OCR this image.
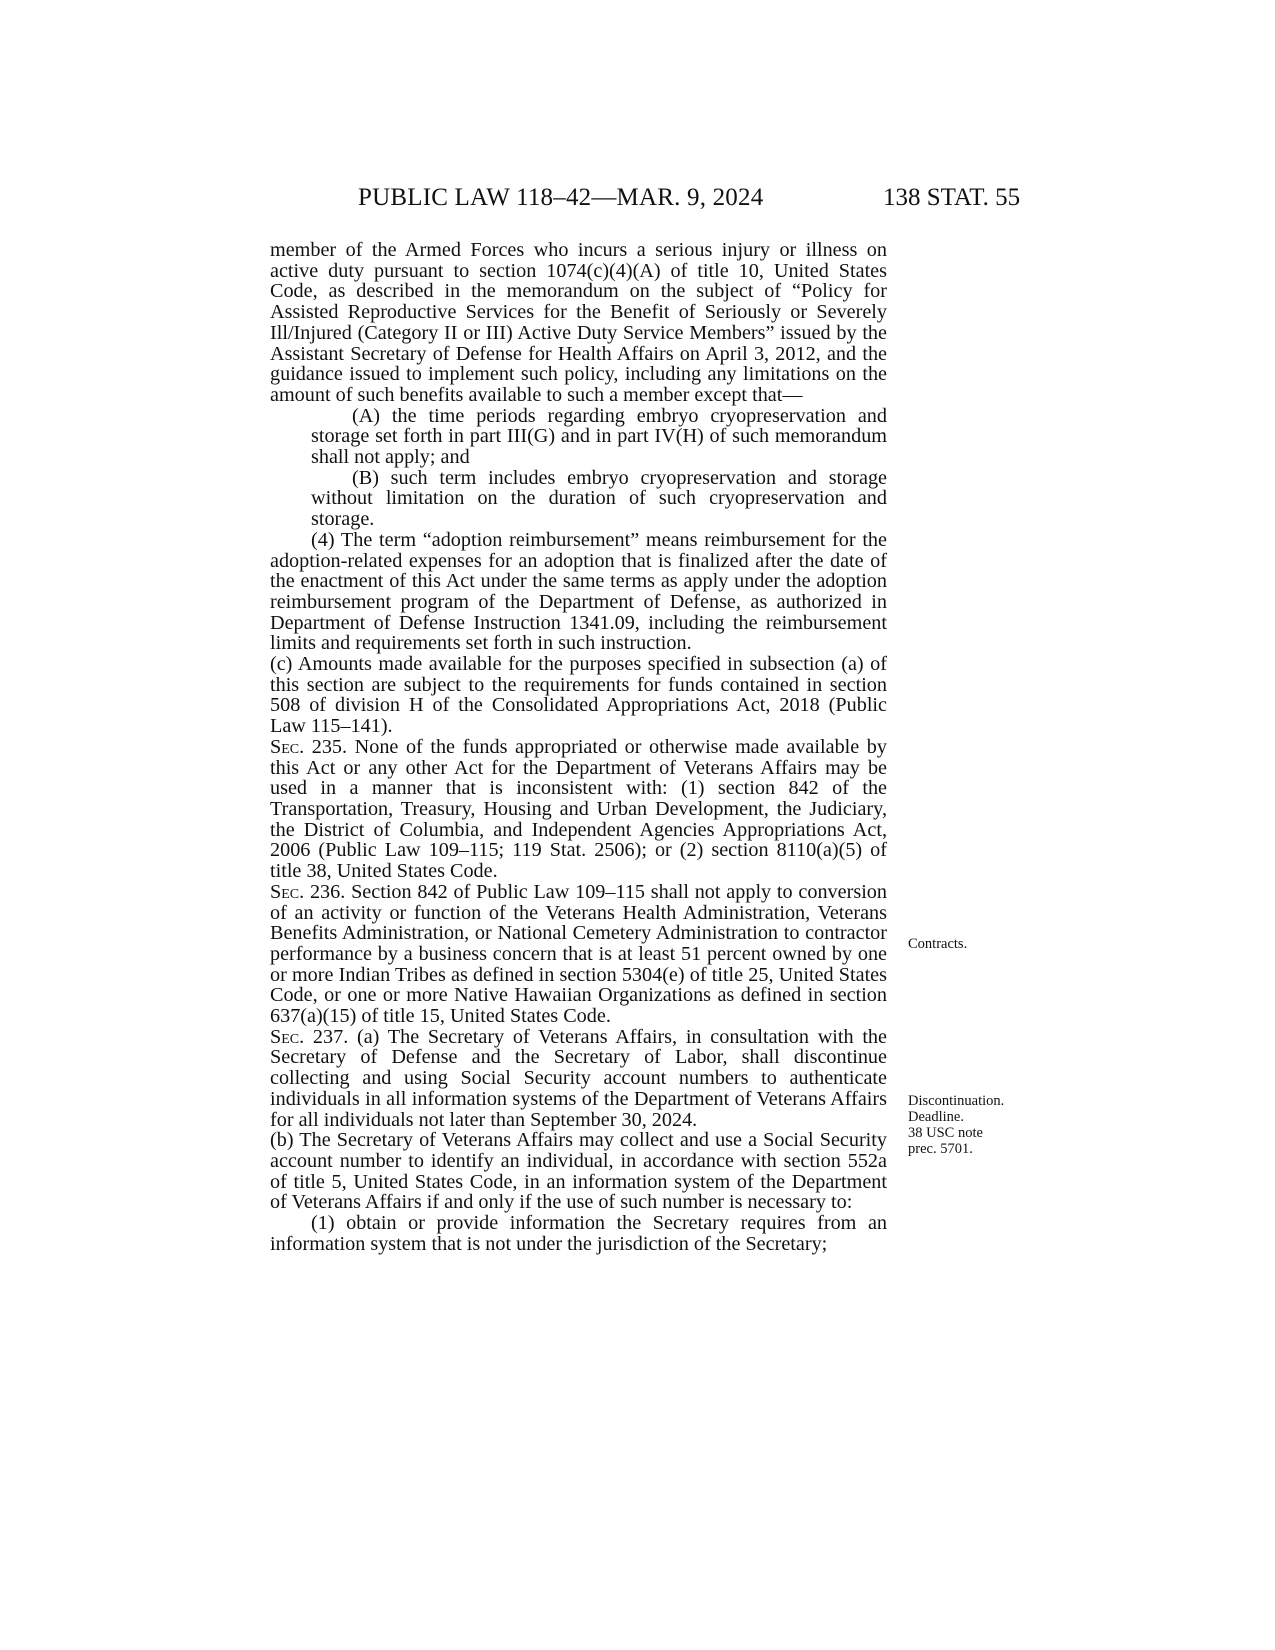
PUBLIC LAW 118–42—MAR. 9, 2024	138 STAT. 55

member of the Armed Forces who incurs a serious injury or illness on active duty pursuant to section 1074(c)(4)(A) of title 10, United States Code, as described in the memorandum on the subject of “Policy for Assisted Reproductive Services for the Benefit of Seriously or Severely Ill/Injured (Category II or III) Active Duty Service Members” issued by the Assistant Secretary of Defense for Health Affairs on April 3, 2012, and the guidance issued to implement such policy, including any limitations on the amount of such benefits available to such a member except that—

(A) the time periods regarding embryo cryopreservation and storage set forth in part III(G) and in part IV(H) of such memorandum shall not apply; and

(B) such term includes embryo cryopreservation and storage without limitation on the duration of such cryopreservation and storage.

(4) The term “adoption reimbursement” means reimbursement for the adoption-related expenses for an adoption that is finalized after the date of the enactment of this Act under the same terms as apply under the adoption reimbursement program of the Department of Defense, as authorized in Department of Defense Instruction 1341.09, including the reimbursement limits and requirements set forth in such instruction.

(c) Amounts made available for the purposes specified in subsection (a) of this section are subject to the requirements for funds contained in section 508 of division H of the Consolidated Appropriations Act, 2018 (Public Law 115–141).

Sec. 235. None of the funds appropriated or otherwise made available by this Act or any other Act for the Department of Veterans Affairs may be used in a manner that is inconsistent with: (1) section 842 of the Transportation, Treasury, Housing and Urban Development, the Judiciary, the District of Columbia, and Independent Agencies Appropriations Act, 2006 (Public Law 109–115; 119 Stat. 2506); or (2) section 8110(a)(5) of title 38, United States Code.

Sec. 236. Section 842 of Public Law 109–115 shall not apply to conversion of an activity or function of the Veterans Health Administration, Veterans Benefits Administration, or National Cemetery Administration to contractor performance by a business concern that is at least 51 percent owned by one or more Indian Tribes as defined in section 5304(e) of title 25, United States Code, or one or more Native Hawaiian Organizations as defined in section 637(a)(15) of title 15, United States Code.

Sec. 237. (a) The Secretary of Veterans Affairs, in consultation with the Secretary of Defense and the Secretary of Labor, shall discontinue collecting and using Social Security account numbers to authenticate individuals in all information systems of the Department of Veterans Affairs for all individuals not later than September 30, 2024.

(b) The Secretary of Veterans Affairs may collect and use a Social Security account number to identify an individual, in accordance with section 552a of title 5, United States Code, in an information system of the Department of Veterans Affairs if and only if the use of such number is necessary to:

(1) obtain or provide information the Secretary requires from an information system that is not under the jurisdiction of the Secretary;

Contracts.
Discontinuation.
Deadline.
38 USC note
prec. 5701.
